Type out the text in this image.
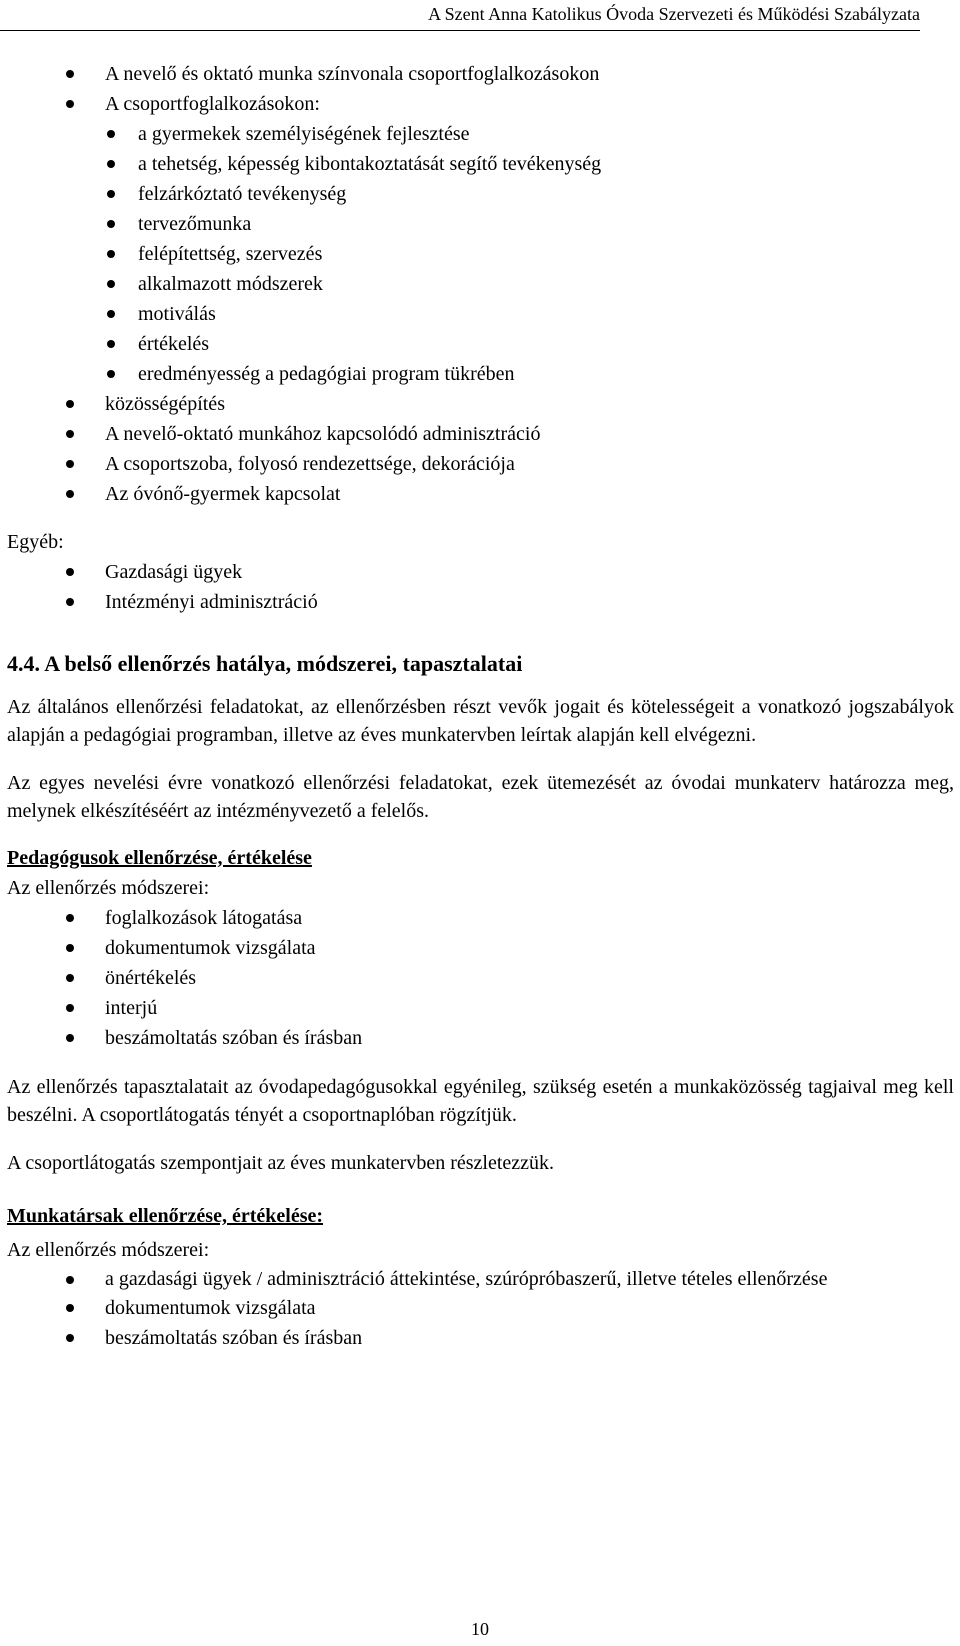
A Szent Anna Katolikus Óvoda Szervezeti és Működési Szabályzata
A nevelő és oktató munka színvonala csoportfoglalkozásokon
A csoportfoglalkozásokon:
a gyermekek személyiségének fejlesztése
a tehetség, képesség kibontakoztatását segítő tevékenység
felzárkóztató tevékenység
tervezőmunka
felépítettség, szervezés
alkalmazott módszerek
motiválás
értékelés
eredményesség a pedagógiai program tükrében
közösségépítés
A nevelő-oktató munkához kapcsolódó adminisztráció
A csoportszoba, folyosó rendezettsége, dekorációja
Az óvónő-gyermek kapcsolat

Egyéb:

Gazdasági ügyek
Intézményi adminisztráció

4.4. A belső ellenőrzés hatálya, módszerei, tapasztalatai

Az általános ellenőrzési feladatokat, az ellenőrzésben részt vevők jogait és kötelességeit a vonatkozó jogszabályok alapján a pedagógiai programban, illetve az éves munkatervben leírtak alapján kell elvégezni.

Az egyes nevelési évre vonatkozó ellenőrzési feladatokat, ezek ütemezését az óvodai munkaterv határozza meg, melynek elkészítéséért az intézményvezető a felelős.

Pedagógusok ellenőrzése, értékelése

Az ellenőrzés módszerei:

foglalkozások látogatása
dokumentumok vizsgálata
önértékelés
interjú
beszámoltatás szóban és írásban

Az ellenőrzés tapasztalatait az óvodapedagógusokkal egyénileg, szükség esetén a munkaközösség tagjaival meg kell beszélni. A csoportlátogatás tényét a csoportnaplóban rögzítjük.

A csoportlátogatás szempontjait az éves munkatervben részletezzük.

Munkatársak ellenőrzése, értékelése:

Az ellenőrzés módszerei:

a gazdasági ügyek / adminisztráció áttekintése, szúrópróbaszerű, illetve tételes ellenőrzése
dokumentumok vizsgálata
beszámoltatás szóban és írásban
10
